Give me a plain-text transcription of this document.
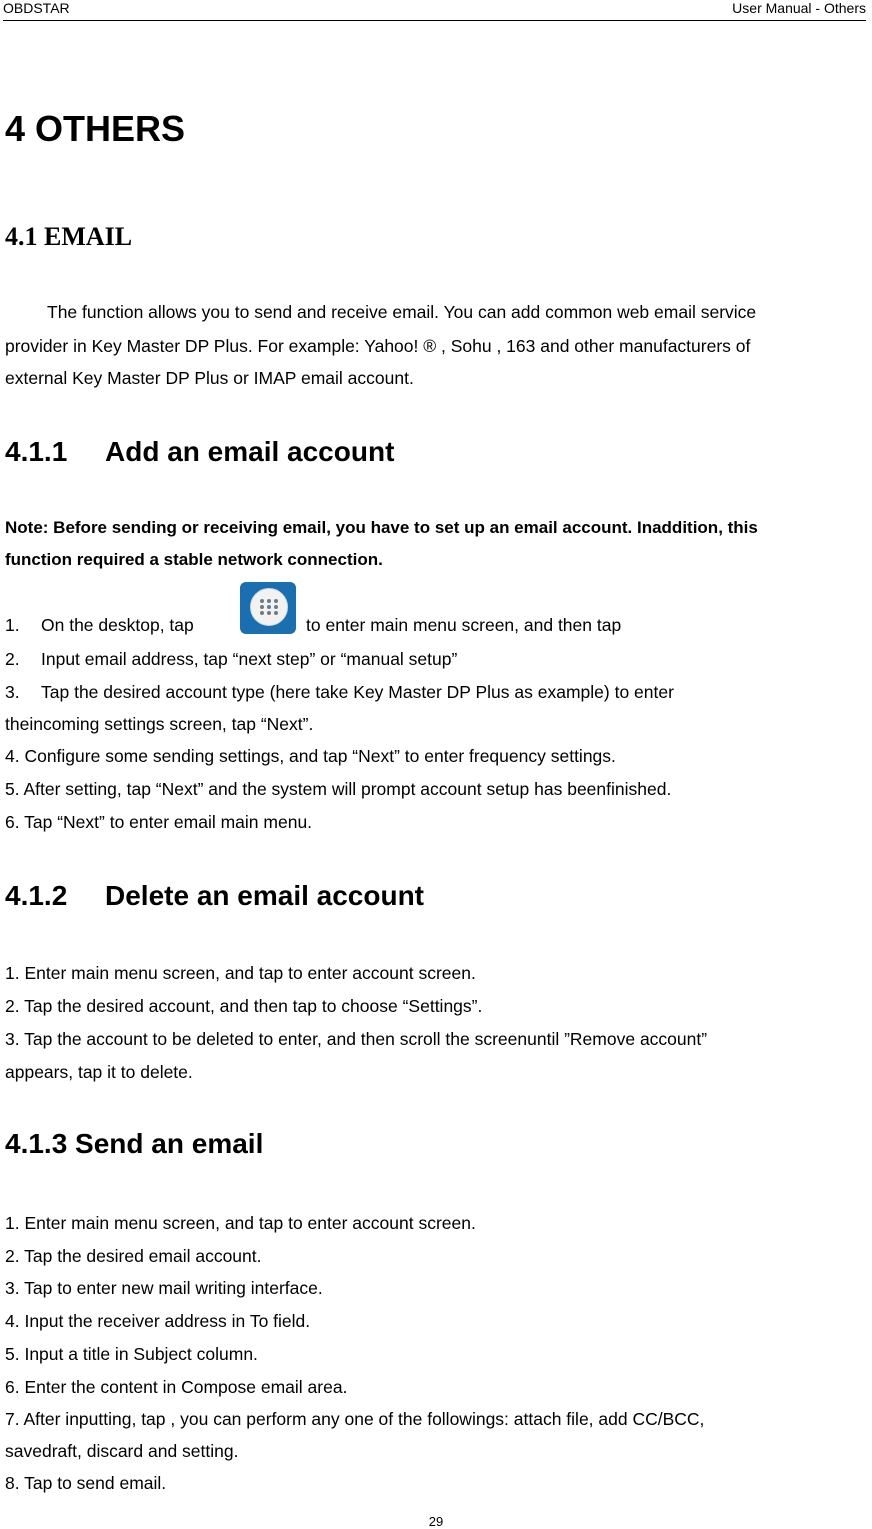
OBDSTAR	User Manual - Others
4 OTHERS
4.1 EMAIL
The function allows you to send and receive email. You can add common web email service
provider in Key Master DP Plus. For example: Yahoo! ® , Sohu , 163 and other manufacturers of
external Key Master DP Plus or IMAP email account.
4.1.1 Add an email account
Note: Before sending or receiving email, you have to set up an email account. Inaddition, this
function required a stable network connection.
1. On the desktop, tap	to enter main menu screen, and then tap
2. Input email address, tap “next step” or “manual setup”
3. Tap the desired account type (here take Key Master DP Plus as example) to enter
theincoming settings screen, tap “Next”.
4. Configure some sending settings, and tap “Next” to enter frequency settings.
5. After setting, tap “Next” and the system will prompt account setup has beenfinished.
6. Tap “Next” to enter email main menu.
4.1.2 Delete an email account
1. Enter main menu screen, and tap to enter account screen.
2. Tap the desired account, and then tap to choose “Settings”.
3. Tap the account to be deleted to enter, and then scroll the screenuntil ”Remove account”
appears, tap it to delete.
4.1.3 Send an email
1. Enter main menu screen, and tap to enter account screen.
2. Tap the desired email account.
3. Tap to enter new mail writing interface.
4. Input the receiver address in To field.
5. Input a title in Subject column.
6. Enter the content in Compose email area.
7. After inputting, tap , you can perform any one of the followings: attach file, add CC/BCC,
savedraft, discard and setting.
8. Tap to send email.
29
